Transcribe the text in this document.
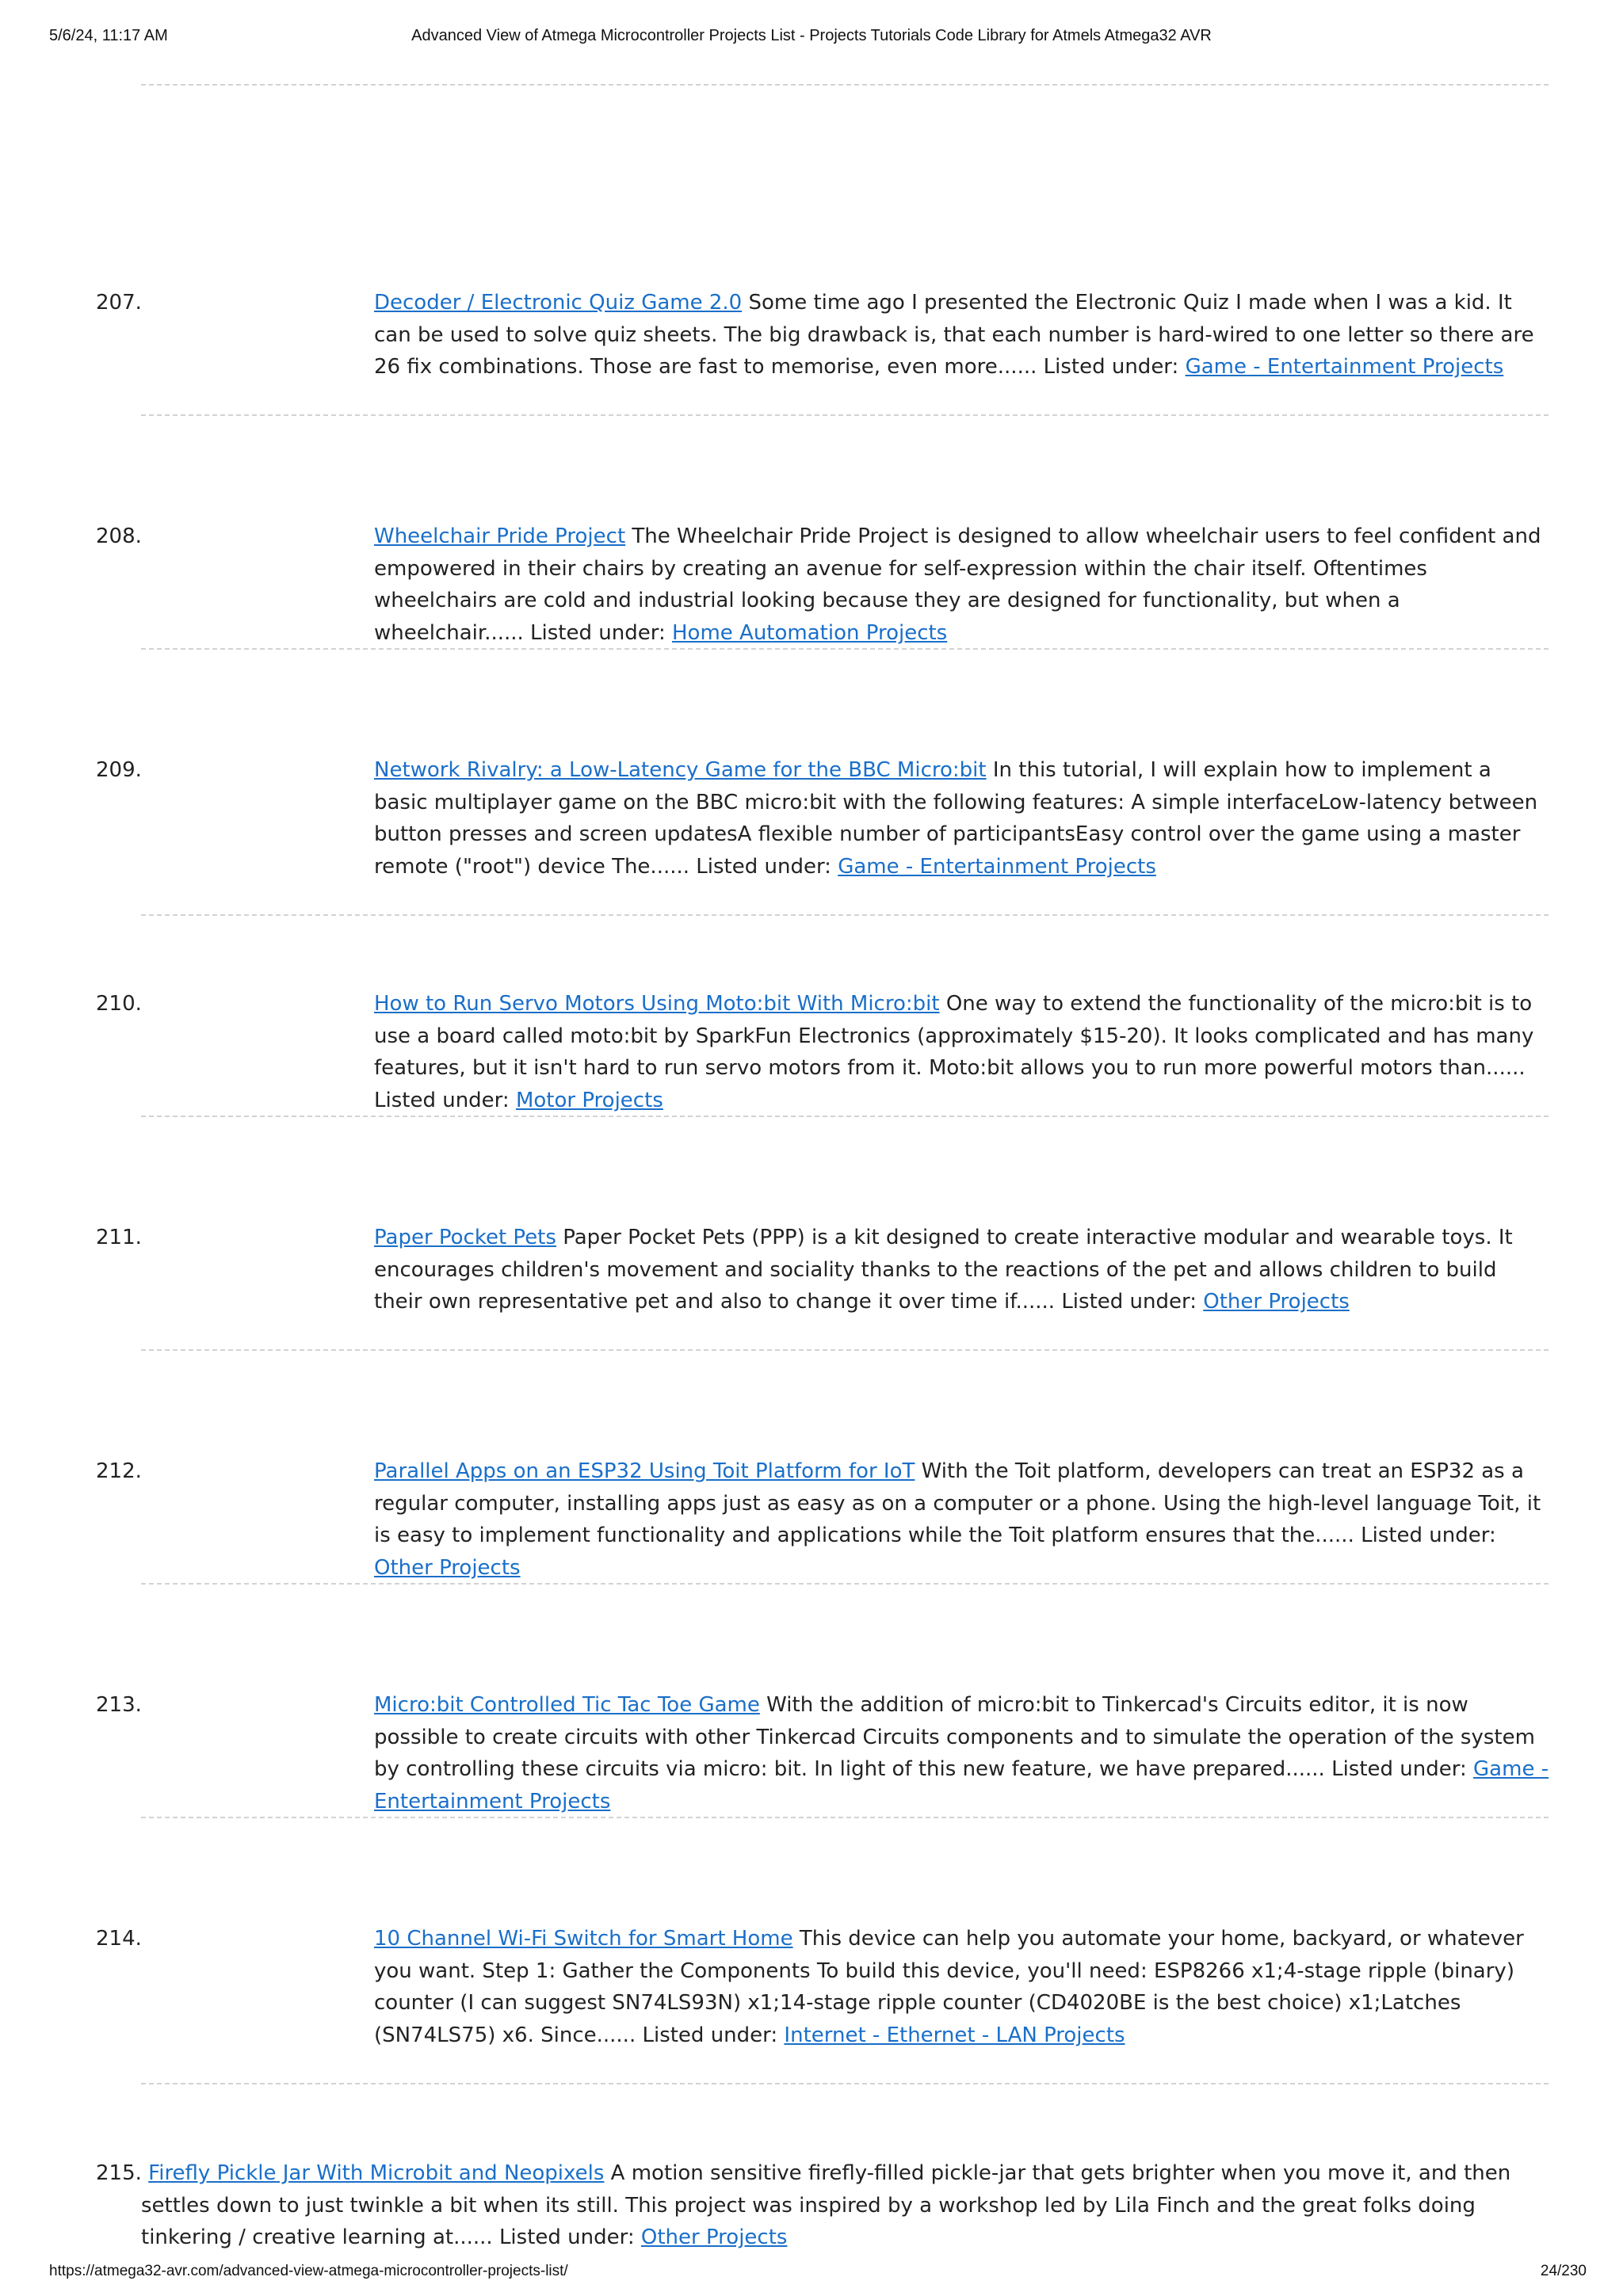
5/6/24, 11:17 AM	Advanced View of Atmega Microcontroller Projects List - Projects Tutorials Code Library for Atmels Atmega32 AVR
207.	Decoder / Electronic Quiz Game 2.0 Some time ago I presented the Electronic Quiz I made when I was a kid. It can be used to solve quiz sheets. The big drawback is, that each number is hard-wired to one letter so there are 26 fix combinations. Those are fast to memorise, even more...... Listed under: Game - Entertainment Projects
208.	Wheelchair Pride Project The Wheelchair Pride Project is designed to allow wheelchair users to feel confident and empowered in their chairs by creating an avenue for self-expression within the chair itself. Oftentimes wheelchairs are cold and industrial looking because they are designed for functionality, but when a wheelchair...... Listed under: Home Automation Projects
209.	Network Rivalry: a Low-Latency Game for the BBC Micro:bit In this tutorial, I will explain how to implement a basic multiplayer game on the BBC micro:bit with the following features: A simple interfaceLow-latency between button presses and screen updatesA flexible number of participantsEasy control over the game using a master remote ("root") device The...... Listed under: Game - Entertainment Projects
210.	How to Run Servo Motors Using Moto:bit With Micro:bit One way to extend the functionality of the micro:bit is to use a board called moto:bit by SparkFun Electronics (approximately $15-20). It looks complicated and has many features, but it isn't hard to run servo motors from it. Moto:bit allows you to run more powerful motors than...... Listed under: Motor Projects
211.	Paper Pocket Pets Paper Pocket Pets (PPP) is a kit designed to create interactive modular and wearable toys. It encourages children's movement and sociality thanks to the reactions of the pet and allows children to build their own representative pet and also to change it over time if...... Listed under: Other Projects
212.	Parallel Apps on an ESP32 Using Toit Platform for IoT With the Toit platform, developers can treat an ESP32 as a regular computer, installing apps just as easy as on a computer or a phone. Using the high-level language Toit, it is easy to implement functionality and applications while the Toit platform ensures that the...... Listed under: Other Projects
213.	Micro:bit Controlled Tic Tac Toe Game With the addition of micro:bit to Tinkercad's Circuits editor, it is now possible to create circuits with other Tinkercad Circuits components and to simulate the operation of the system by controlling these circuits via micro: bit. In light of this new feature, we have prepared...... Listed under: Game - Entertainment Projects
214.	10 Channel Wi-Fi Switch for Smart Home This device can help you automate your home, backyard, or whatever you want. Step 1: Gather the Components To build this device, you'll need: ESP8266 x1;4-stage ripple (binary) counter (I can suggest SN74LS93N) x1;14-stage ripple counter (CD4020BE is the best choice) x1;Latches (SN74LS75) x6. Since...... Listed under: Internet - Ethernet - LAN Projects
215. Firefly Pickle Jar With Microbit and Neopixels A motion sensitive firefly-filled pickle-jar that gets brighter when you move it, and then settles down to just twinkle a bit when its still. This project was inspired by a workshop led by Lila Finch and the great folks doing tinkering / creative learning at...... Listed under: Other Projects
https://atmega32-avr.com/advanced-view-atmega-microcontroller-projects-list/	24/230
